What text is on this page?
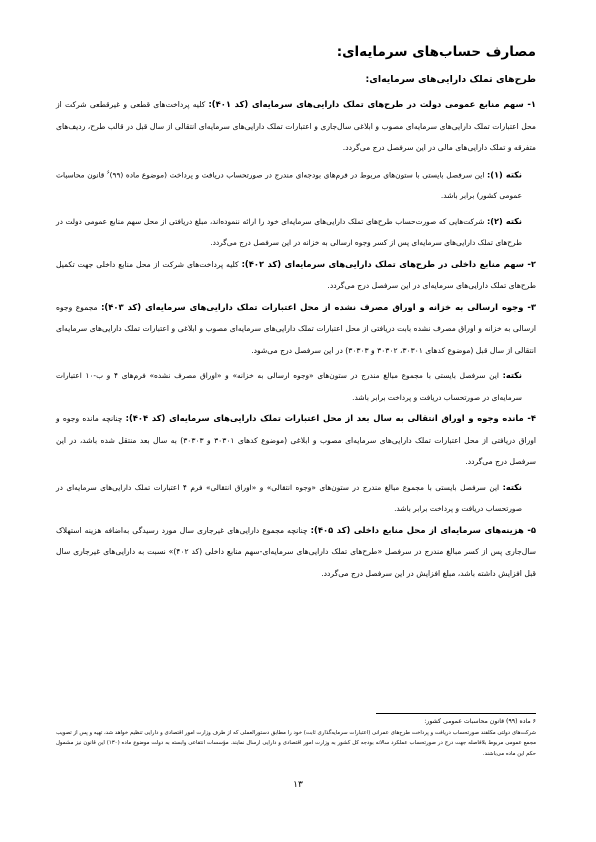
مصارف حساب‌های سرمایه‌ای:
طرح‌های تملک دارایی‌های سرمایه‌ای:

۱- سهم منابع عمومی دولت در طرح‌های تملک دارایی‌های سرمایه‌ای (کد ۴۰۱): کلیه پرداخت‌های قطعی و غیرقطعی شرکت از محل اعتبارات تملک دارایی‌های سرمایه‌ای مصوب و ابلاغی سال‌جاری و اعتبارات تملک دارایی‌های سرمایه‌ای انتقالی از سال قبل در قالب طرح، ردیف‌های متفرقه و تملک دارایی‌های مالی در این سرفصل درج می‌گردد.

نکته (۱): این سرفصل بایستی با ستون‌های مربوط در فرم‌های بودجه‌ای مندرج در صورتحساب دریافت و پرداخت (موضوع ماده (۹۹)$^۶$ قانون محاسبات عمومی کشور) برابر باشد.

نکته (۲): شرکت‌هایی که صورت‌حساب طرح‌های تملک دارایی‌های سرمایه‌ای خود را ارائه ننموده‌اند، مبلغ دریافتی از محل سهم منابع عمومی دولت در طرح‌های تملک دارایی‌های سرمایه‌ای پس از کسر وجوه ارسالی به خزانه در این سرفصل درج می‌گردد.

۲- سهم منابع داخلی در طرح‌های تملک دارایی‌های سرمایه‌ای (کد ۴۰۲): کلیه پرداخت‌های شرکت از محل منابع داخلی جهت تکمیل طرح‌های تملک دارایی‌های سرمایه‌ای در این سرفصل درج می‌گردد.

۳- وجوه ارسالی به خزانه و اوراق مصرف نشده از محل اعتبارات تملک دارایی‌های سرمایه‌ای (کد ۴۰۳): مجموع وجوه ارسالی به خزانه و اوراق مصرف نشده بابت دریافتی از محل اعتبارات تملک دارایی‌های سرمایه‌ای مصوب و ابلاغی و اعتبارات تملک دارایی‌های سرمایه‌ای انتقالی از سال قبل (موضوع کدهای ۳۰۳۰۱، ۳۰۳۰۲ و ۳۰۳۰۳) در این سرفصل درج می‌شود.

نکته: این سرفصل بایستی با مجموع مبالغ مندرج در ستون‌های «وجوه ارسالی به خزانه» و «اوراق مصرف نشده» فرم‌های ۴ و ب-۱۰ اعتبارات سرمایه‌ای در صورتحساب دریافت و پرداخت برابر باشد.

۴- مانده وجوه و اوراق انتقالی به سال بعد از محل اعتبارات تملک دارایی‌های سرمایه‌ای (کد ۴۰۴): چنانچه مانده وجوه و اوراق دریافتی از محل اعتبارات تملک دارایی‌های سرمایه‌ای مصوب و ابلاغی (موضوع کدهای ۳۰۳۰۱ و ۳۰۳۰۳) به سال بعد منتقل شده باشد، در این سرفصل درج می‌گردد.

نکته: این سرفصل بایستی با مجموع مبالغ مندرج در ستون‌های «وجوه انتقالی» و «اوراق انتقالی» فرم ۴ اعتبارات تملک دارایی‌های سرمایه‌ای در صورتحساب دریافت و پرداخت برابر باشد.

۵- هزینه‌های سرمایه‌ای از محل منابع داخلی (کد ۴۰۵): چنانچه مجموع دارایی‌های غیرجاری سال مورد رسیدگی به‌اضافه هزینه استهلاک سال‌جاری پس از کسر مبالغ مندرج در سرفصل «طرح‌های تملک دارایی‌های سرمایه‌ای-سهم منابع داخلی (کد ۴۰۲)» نسبت به دارایی‌های غیرجاری سال قبل افزایش داشته باشد، مبلغ افزایش در این سرفصل درج می‌گردد.

۶ ماده (۹۹) قانون محاسبات عمومی کشور:
شرکت‌های دولتی مکلفند صورتحساب دریافت و پرداخت طرح‌های عمرانی (اعتبارات سرمایه‌گذاری ثابت) خود را مطابق دستورالعملی که از طرف وزارت امور اقتصادی و دارایی تنظیم خواهد شد، تهیه و پس از تصویب مجمع عمومی مربوط بلافاصله جهت درج در صورتحساب عملکرد سالانه بودجه کل کشور به وزارت امور اقتصادی و دارایی ارسال نمایند. مؤسسات انتفاعی وابسته به دولت موضوع ماده (۱۳۰) این قانون نیز مشمول حکم این ماده می‌باشند.
۱۳
